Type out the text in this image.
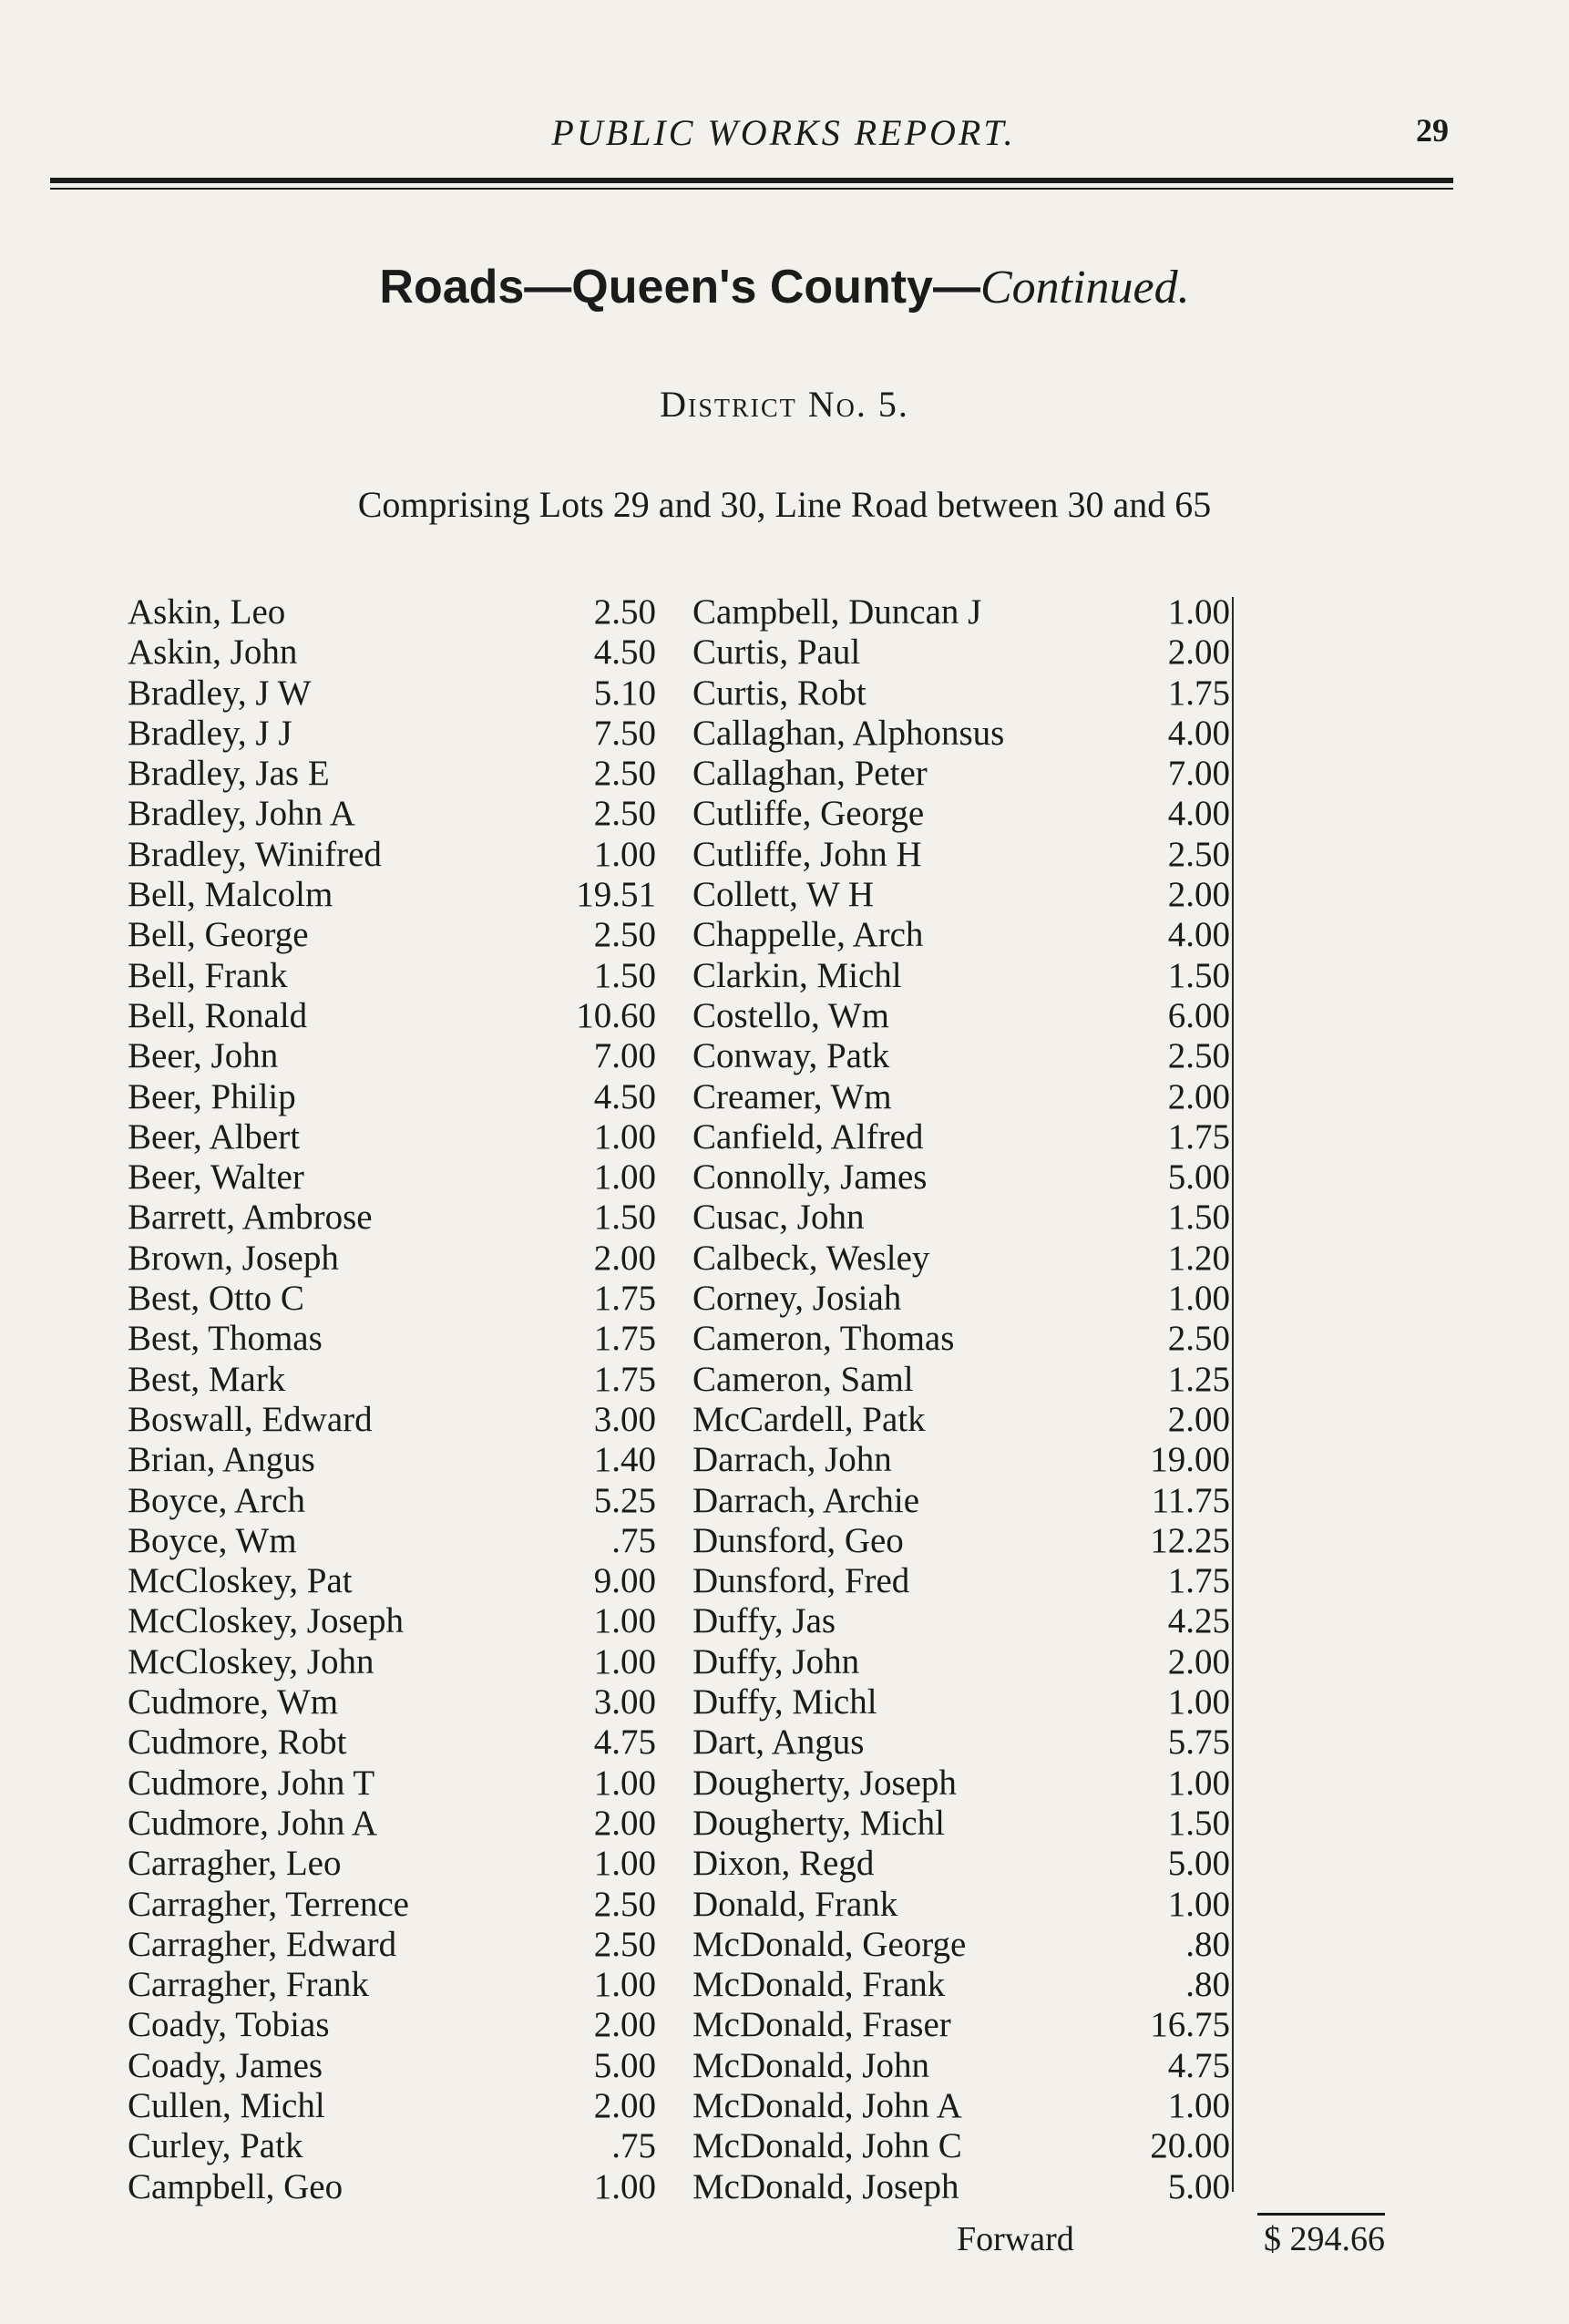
PUBLIC WORKS REPORT.	29
Roads—Queen's County—Continued.
District No. 5.
Comprising Lots 29 and 30, Line Road between 30 and 65
Askin, Leo	2.50
Askin, John	4.50
Bradley, J W	5.10
Bradley, J J	7.50
Bradley, Jas E	2.50
Bradley, John A	2.50
Bradley, Winifred	1.00
Bell, Malcolm	19.51
Bell, George	2.50
Bell, Frank	1.50
Bell, Ronald	10.60
Beer, John	7.00
Beer, Philip	4.50
Beer, Albert	1.00
Beer, Walter	1.00
Barrett, Ambrose	1.50
Brown, Joseph	2.00
Best, Otto C	1.75
Best, Thomas	1.75
Best, Mark	1.75
Boswall, Edward	3.00
Brian, Angus	1.40
Boyce, Arch	5.25
Boyce, Wm	.75
McCloskey, Pat	9.00
McCloskey, Joseph	1.00
McCloskey, John	1.00
Cudmore, Wm	3.00
Cudmore, Robt	4.75
Cudmore, John T	1.00
Cudmore, John A	2.00
Carragher, Leo	1.00
Carragher, Terrence	2.50
Carragher, Edward	2.50
Carragher, Frank	1.00
Coady, Tobias	2.00
Coady, James	5.00
Cullen, Michl	2.00
Curley, Patk	.75
Campbell, Geo	1.00
Campbell, Duncan J	1.00
Curtis, Paul	2.00
Curtis, Robt	1.75
Callaghan, Alphonsus	4.00
Callaghan, Peter	7.00
Cutliffe, George	4.00
Cutliffe, John H	2.50
Collett, W H	2.00
Chappelle, Arch	4.00
Clarkin, Michl	1.50
Costello, Wm	6.00
Conway, Patk	2.50
Creamer, Wm	2.00
Canfield, Alfred	1.75
Connolly, James	5.00
Cusac, John	1.50
Calbeck, Wesley	1.20
Corney, Josiah	1.00
Cameron, Thomas	2.50
Cameron, Saml	1.25
McCardell, Patk	2.00
Darrach, John	19.00
Darrach, Archie	11.75
Dunsford, Geo	12.25
Dunsford, Fred	1.75
Duffy, Jas	4.25
Duffy, John	2.00
Duffy, Michl	1.00
Dart, Angus	5.75
Dougherty, Joseph	1.00
Dougherty, Michl	1.50
Dixon, Regd	5.00
Donald, Frank	1.00
McDonald, George	.80
McDonald, Frank	.80
McDonald, Fraser	16.75
McDonald, John	4.75
McDonald, John A	1.00
McDonald, John C	20.00
McDonald, Joseph	5.00
Forward	$ 294.66
